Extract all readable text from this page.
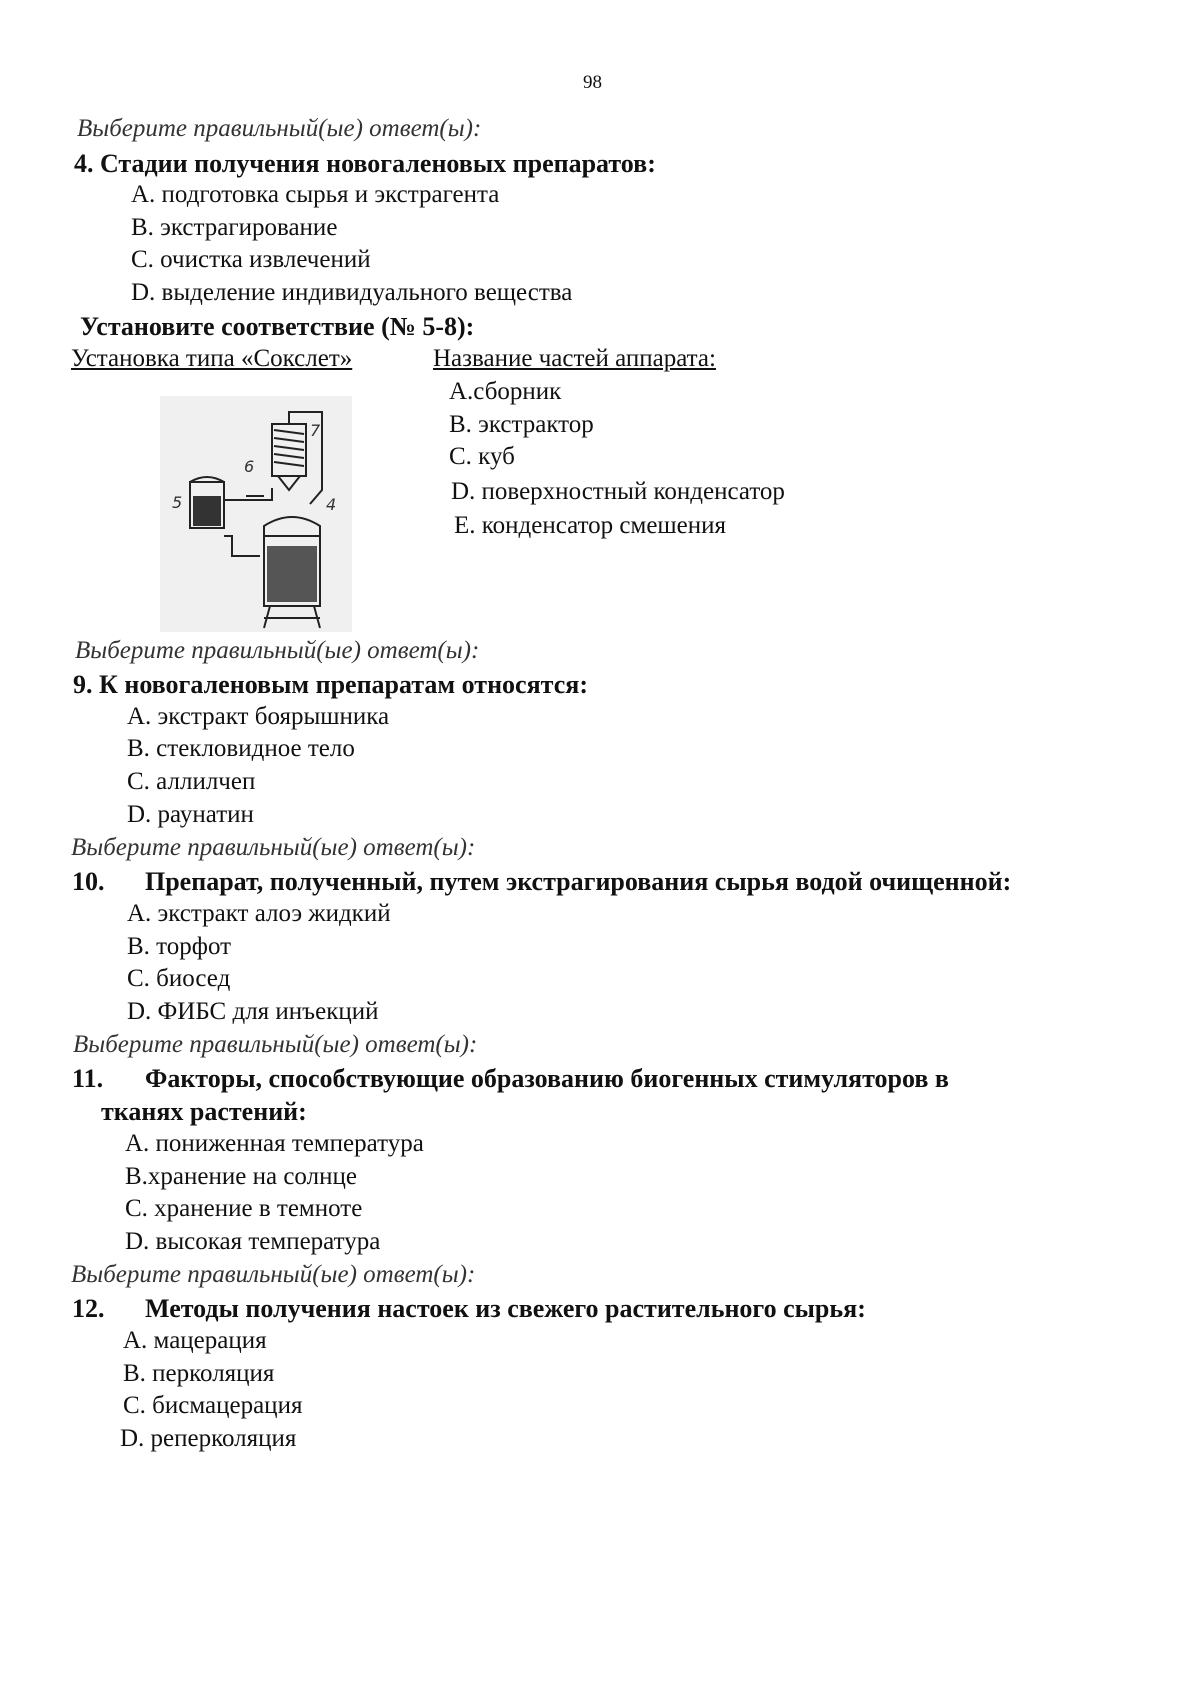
98
Выберите правильный(ые) ответ(ы):
4. Стадии получения новогаленовых препаратов:
А. подготовка сырья и экстрагента
В. экстрагирование
С. очистка извлечений
D. выделение индивидуального вещества
Установите соответствие (№ 5-8):
Установка типа «Сокслет»	Название частей аппарата:
4
5
6
7
А.сборник
В. экстрактор
С. куб
D. поверхностный конденсатор
Е. конденсатор смешения
Выберите правильный(ые) ответ(ы):
9. К новогаленовым препаратам относятся:
А. экстракт боярышника
В. стекловидное тело
С. аллилчеп
D. раунатин
Выберите правильный(ые) ответ(ы):
10. Препарат, полученный, путем экстрагирования сырья водой очищенной:
А. экстракт алоэ жидкий
В. торфот
С. биосед
D. ФИБС для инъекций
Выберите правильный(ые) ответ(ы):
11. Факторы, способствующие образованию биогенных стимуляторов в
тканях растений:
А. пониженная температура
В.хранение на солнце
С. хранение в темноте
D. высокая температура
Выберите правильный(ые) ответ(ы):
12. Методы получения настоек из свежего растительного сырья:
А. мацерация
В. перколяция
С. бисмацерация
D. реперколяция
